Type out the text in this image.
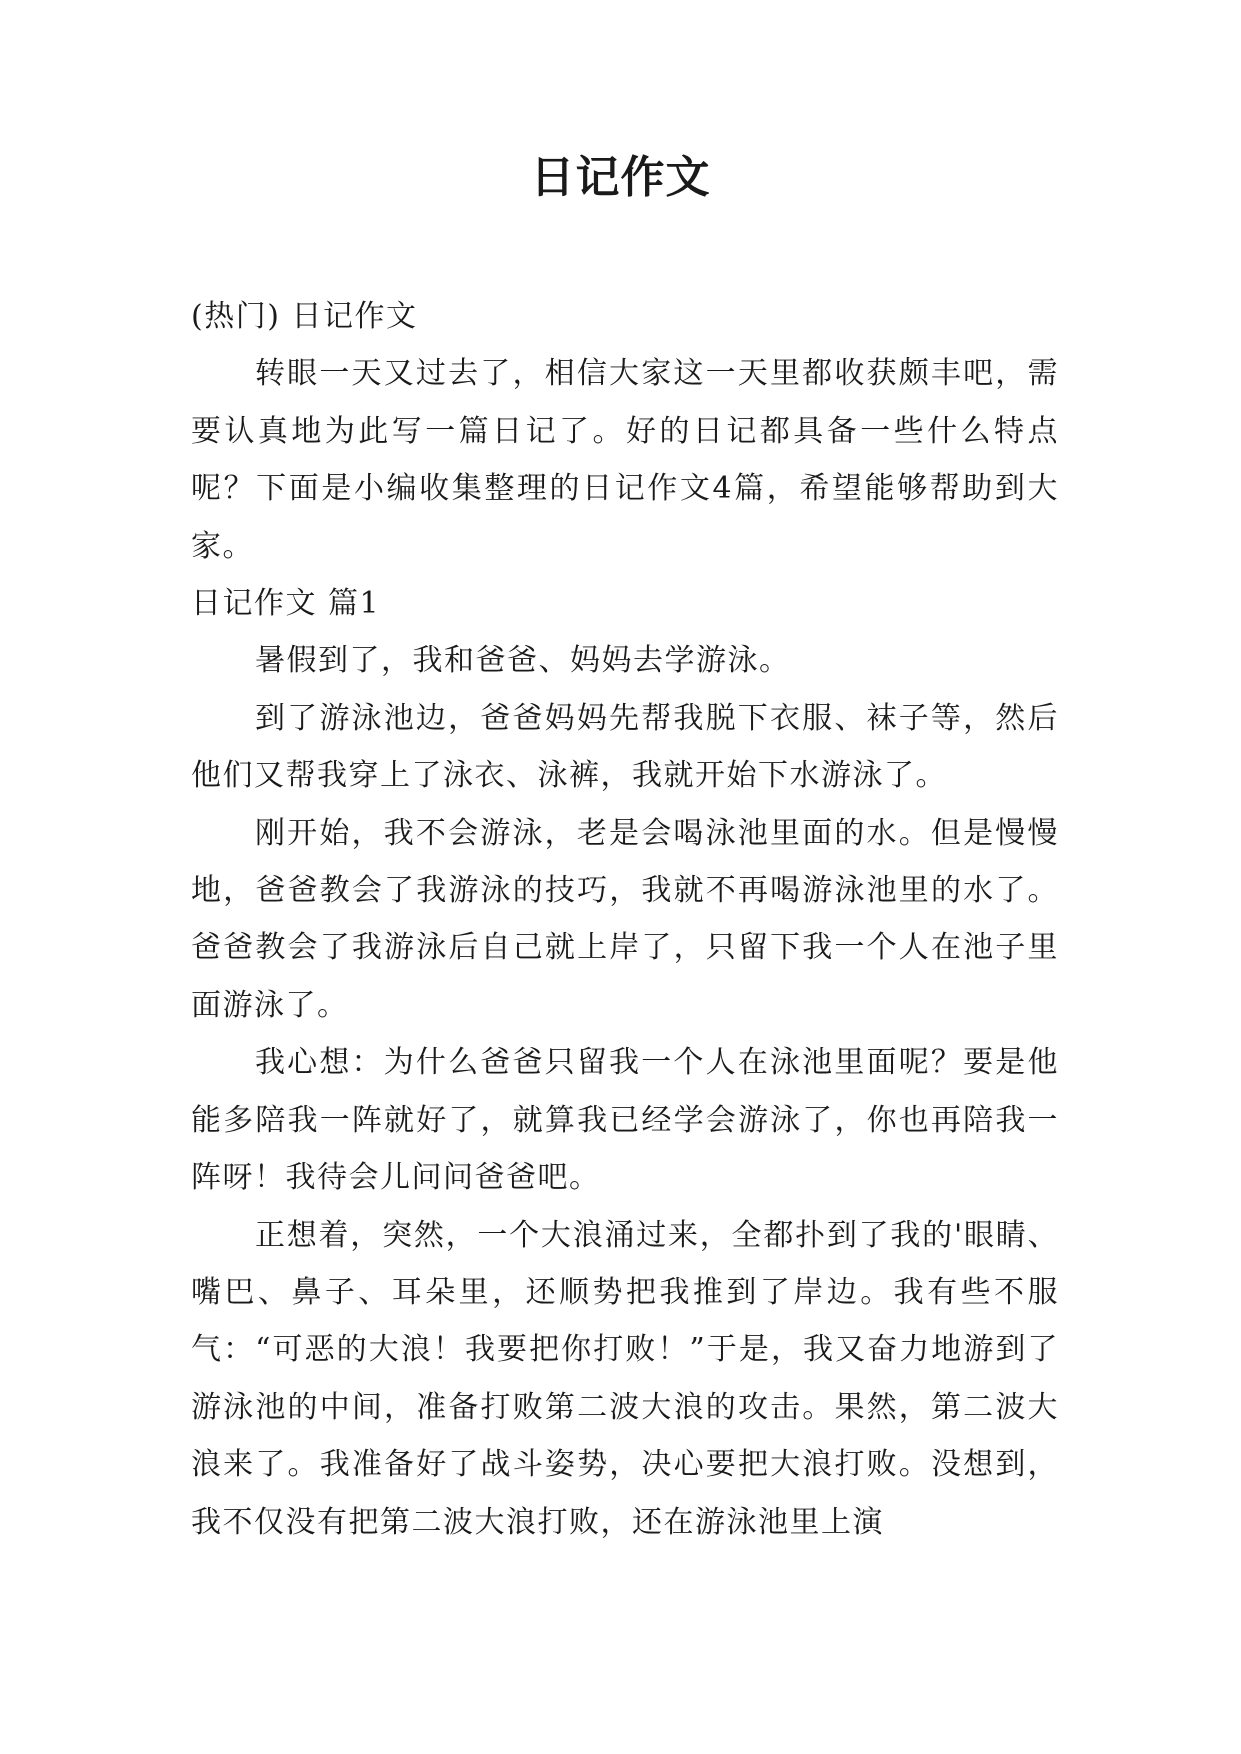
日记作文

(热门) 日记作文

转眼一天又过去了，相信大家这一天里都收获颇丰吧，需要认真地为此写一篇日记了。好的日记都具备一些什么特点呢？下面是小编收集整理的日记作文4篇，希望能够帮助到大家。

日记作文 篇1

暑假到了，我和爸爸、妈妈去学游泳。

到了游泳池边，爸爸妈妈先帮我脱下衣服、袜子等，然后他们又帮我穿上了泳衣、泳裤，我就开始下水游泳了。

刚开始，我不会游泳，老是会喝泳池里面的水。但是慢慢地，爸爸教会了我游泳的技巧，我就不再喝游泳池里的水了。爸爸教会了我游泳后自己就上岸了，只留下我一个人在池子里面游泳了。

我心想：为什么爸爸只留我一个人在泳池里面呢？要是他能多陪我一阵就好了，就算我已经学会游泳了，你也再陪我一阵呀！我待会儿问问爸爸吧。

正想着，突然，一个大浪涌过来，全都扑到了我的'眼睛、嘴巴、鼻子、耳朵里，还顺势把我推到了岸边。我有些不服气：“可恶的大浪！我要把你打败！”于是，我又奋力地游到了游泳池的中间，准备打败第二波大浪的攻击。果然，第二波大浪来了。我准备好了战斗姿势，决心要把大浪打败。没想到，我不仅没有把第二波大浪打败，还在游泳池里上演
